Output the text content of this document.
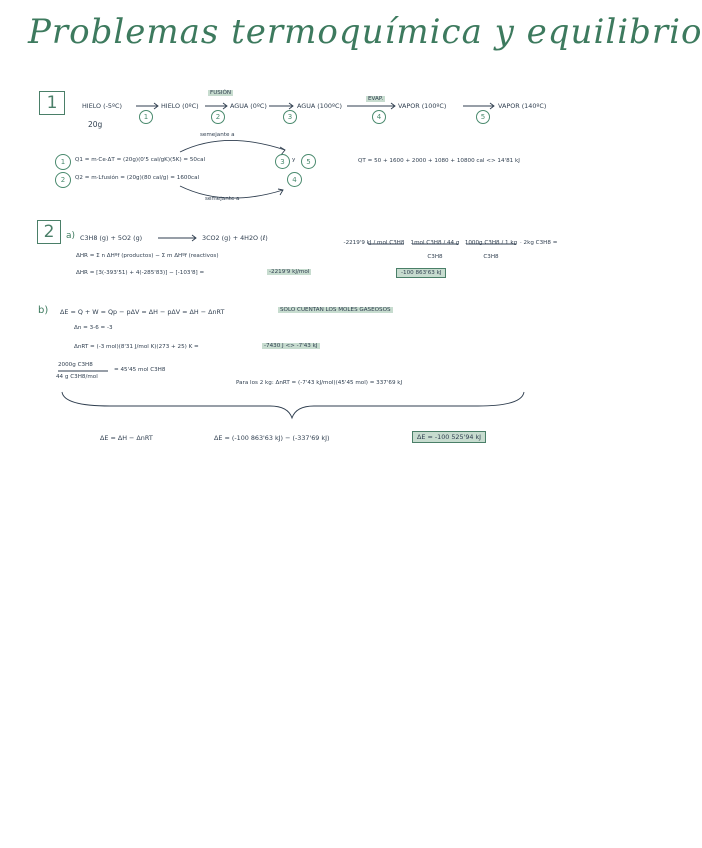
Problemas termoquímica y equilibrio
1	HIELO (-5ºC)
20g
1
HIELO (0ºC)
FUSIÓN
2
AGUA (0ºC)
3
AGUA (100ºC)
EVAP.
4
VAPOR (100ºC)
5
VAPOR (140ºC)
semejante a
1	Q1 = m·Ce·ΔT = (20g)(0'5 cal/gK)(5K) = 50cal
2	Q2 = m·Lfusión = (20g)(80 cal/g) = 1600cal
3	y	5
4
QT = 50 + 1600 + 2000 + 1080 + 10800 cal <> 14'81 kJ
semejante a
2	a) C3H8 (g) + 5O2 (g)	3CO2 (g) + 4H2O (ℓ)
ΔHR = Σ n ΔHºf (productos) − Σ m ΔHºf (reactivos)
ΔHR = [3(-393'51) + 4(-285'83)] − [-103'8] =	-2219'9 kJ/mol
-2219'9 kJ / mol C3H8 1mol C3H8 / 44 g C3H8
1000g C3H8 / 1 kg C3H8
· 2kg C3H8 =
-100 863'63 kJ
b) ΔE = Q + W = Qp − pΔV = ΔH − pΔV = ΔH − ΔnRT	SOLO CUENTAN LOS MOLES GASEOSOS
Δn = 3-6 = -3
ΔnRT = (-3 mol)(8'31 J/mol K)(273 + 25) K =	-7430 J <> -7'43 kJ
2000g C3H8
44 g C3H8/mol
= 45'45 mol C3H8
Para los 2 kg: ΔnRT = (-7'43 kJ/mol)(45'45 mol) = 337'69 kJ
ΔE = ΔH − ΔnRT	ΔE = (-100 863'63 kJ) − (-337'69 kJ)	ΔE = -100 525'94 kJ
